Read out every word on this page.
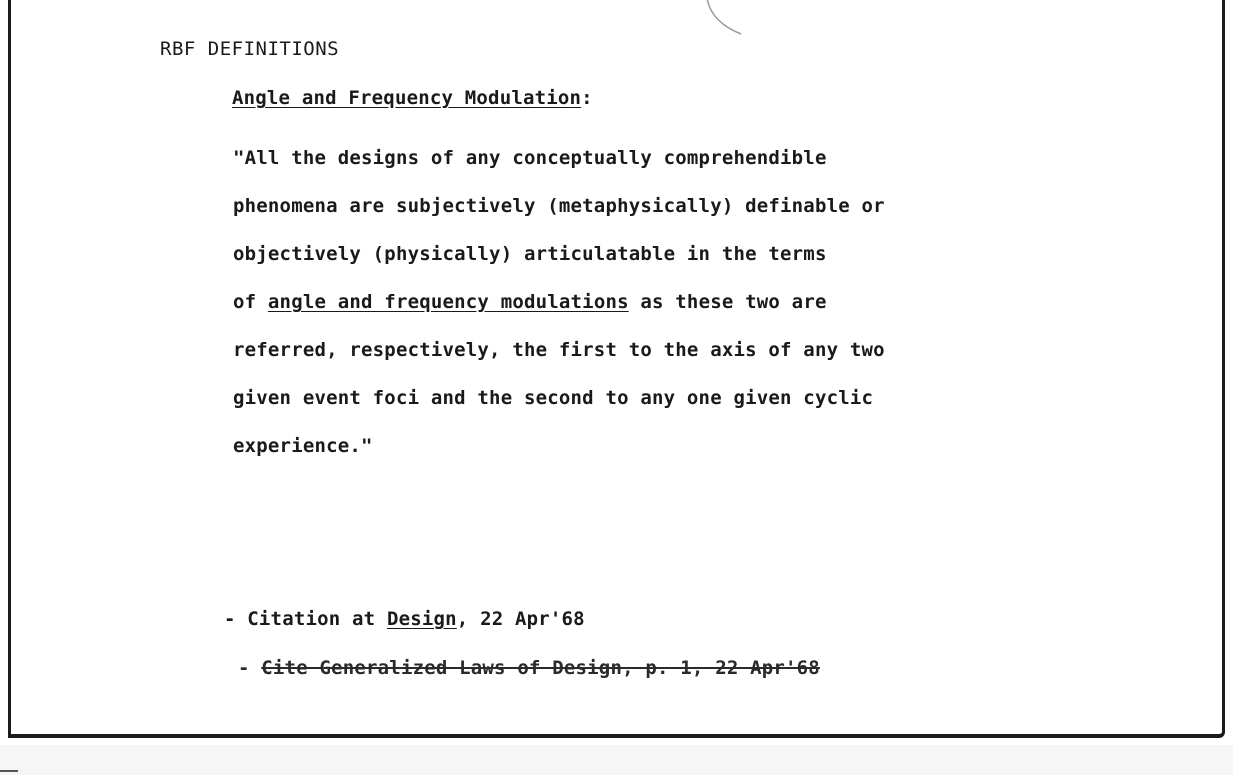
RBF DEFINITIONS
Angle and Frequency Modulation:
"All the designs of any conceptually comprehendible
phenomena are subjectively (metaphysically) definable or
objectively (physically) articulatable in the terms
of angle and frequency modulations as these two are
referred, respectively, the first to the axis of any two
given event foci and the second to any one given cyclic
experience."
- Citation at Design, 22 Apr'68
- Cite Generalized Laws of Design, p. 1, 22 Apr'68
